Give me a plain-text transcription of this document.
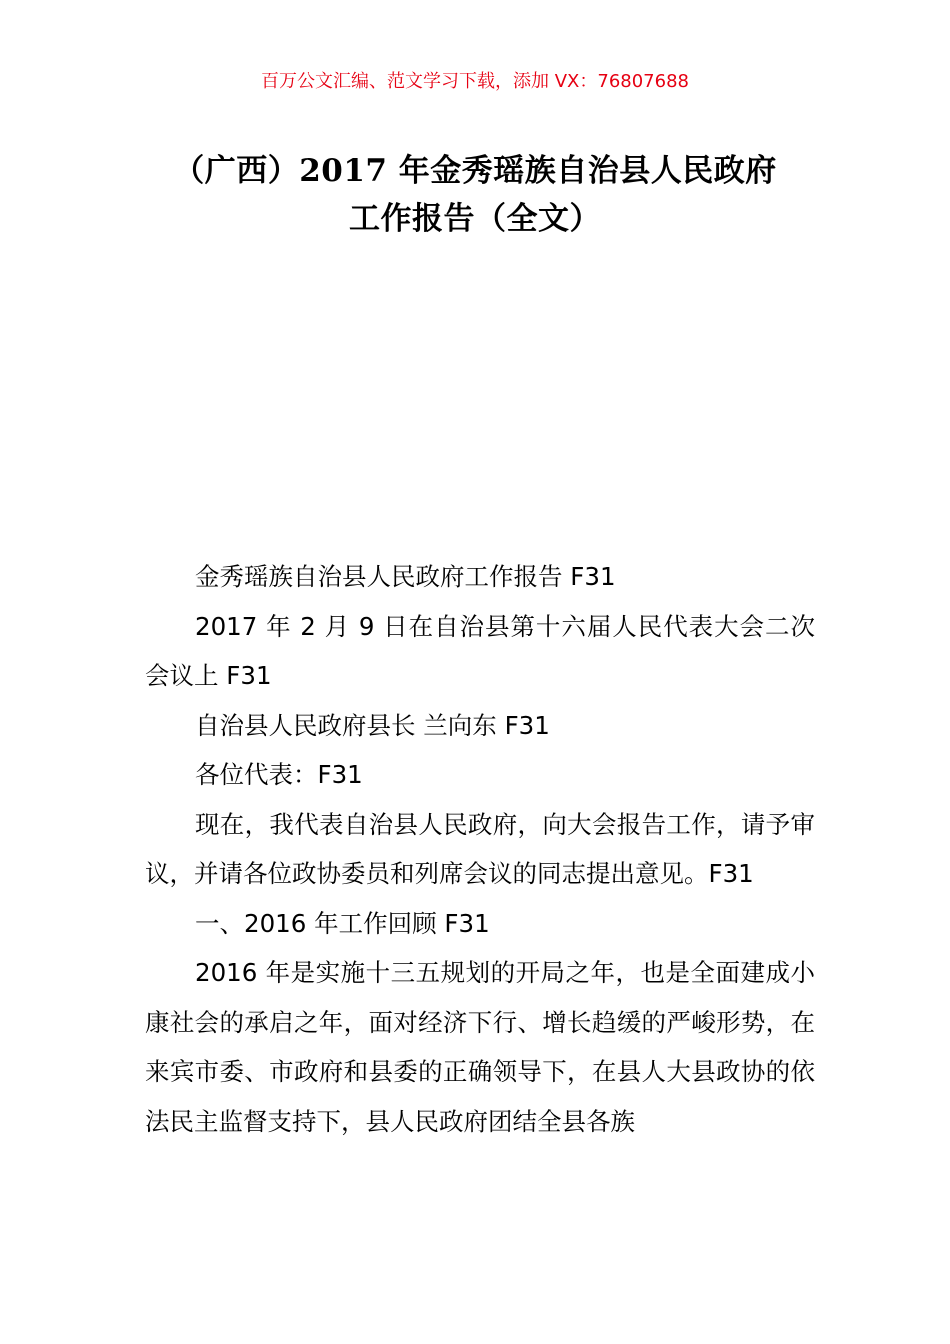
百万公文汇编、范文学习下载，添加 VX：76807688
（广西）2017 年金秀瑶族自治县人民政府
工作报告（全文）

金秀瑶族自治县人民政府工作报告 F31

2017 年 2 月 9 日在自治县第十六届人民代表大会二次会议上 F31

自治县人民政府县长 兰向东 F31

各位代表：F31

现在，我代表自治县人民政府，向大会报告工作，请予审议，并请各位政协委员和列席会议的同志提出意见。F31

一、2016 年工作回顾 F31

2016 年是实施十三五规划的开局之年，也是全面建成小康社会的承启之年，面对经济下行、增长趋缓的严峻形势，在来宾市委、市政府和县委的正确领导下，在县人大县政协的依法民主监督支持下，县人民政府团结全县各族
